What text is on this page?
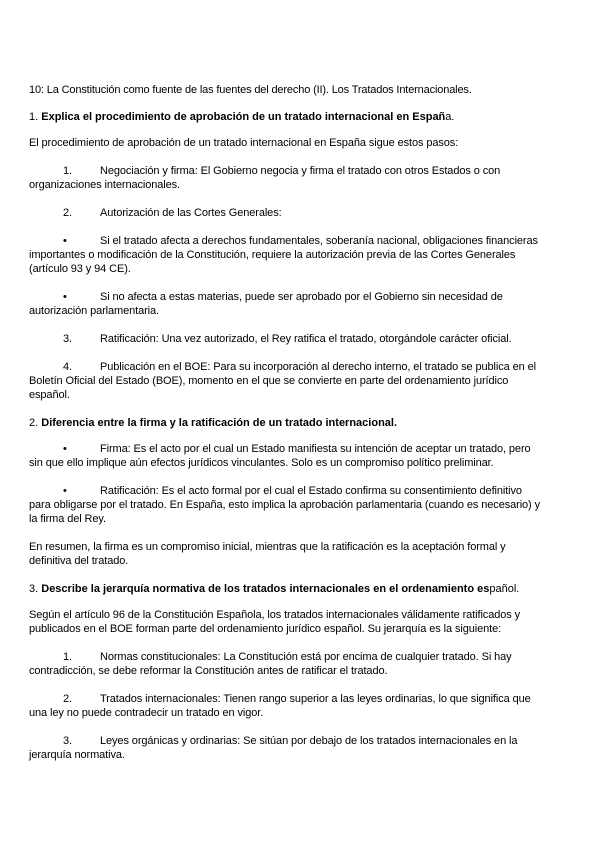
10: La Constitución como fuente de las fuentes del derecho (II). Los Tratados Internacionales.

1. Explica el procedimiento de aprobación de un tratado internacional en España.

El procedimiento de aprobación de un tratado internacional en España sigue estos pasos:

1.	Negociación y firma: El Gobierno negocia y firma el tratado con otros Estados o con organizaciones internacionales.

2.	Autorización de las Cortes Generales:

•	Si el tratado afecta a derechos fundamentales, soberanía nacional, obligaciones financieras importantes o modificación de la Constitución, requiere la autorización previa de las Cortes Generales (artículo 93 y 94 CE).

•	Si no afecta a estas materias, puede ser aprobado por el Gobierno sin necesidad de autorización parlamentaria.

3.	Ratificación: Una vez autorizado, el Rey ratifica el tratado, otorgándole carácter oficial.

4.	Publicación en el BOE: Para su incorporación al derecho interno, el tratado se publica en el Boletín Oficial del Estado (BOE), momento en el que se convierte en parte del ordenamiento jurídico español.

2. Diferencia entre la firma y la ratificación de un tratado internacional.

•	Firma: Es el acto por el cual un Estado manifiesta su intención de aceptar un tratado, pero sin que ello implique aún efectos jurídicos vinculantes. Solo es un compromiso político preliminar.

•	Ratificación: Es el acto formal por el cual el Estado confirma su consentimiento definitivo para obligarse por el tratado. En España, esto implica la aprobación parlamentaria (cuando es necesario) y la firma del Rey.

En resumen, la firma es un compromiso inicial, mientras que la ratificación es la aceptación formal y definitiva del tratado.

3. Describe la jerarquía normativa de los tratados internacionales en el ordenamiento español.

Según el artículo 96 de la Constitución Española, los tratados internacionales válidamente ratificados y publicados en el BOE forman parte del ordenamiento jurídico español. Su jerarquía es la siguiente:

1.	Normas constitucionales: La Constitución está por encima de cualquier tratado. Si hay contradicción, se debe reformar la Constitución antes de ratificar el tratado.

2.	Tratados internacionales: Tienen rango superior a las leyes ordinarias, lo que significa que una ley no puede contradecir un tratado en vigor.

3.	Leyes orgánicas y ordinarias: Se sitúan por debajo de los tratados internacionales en la jerarquía normativa.
